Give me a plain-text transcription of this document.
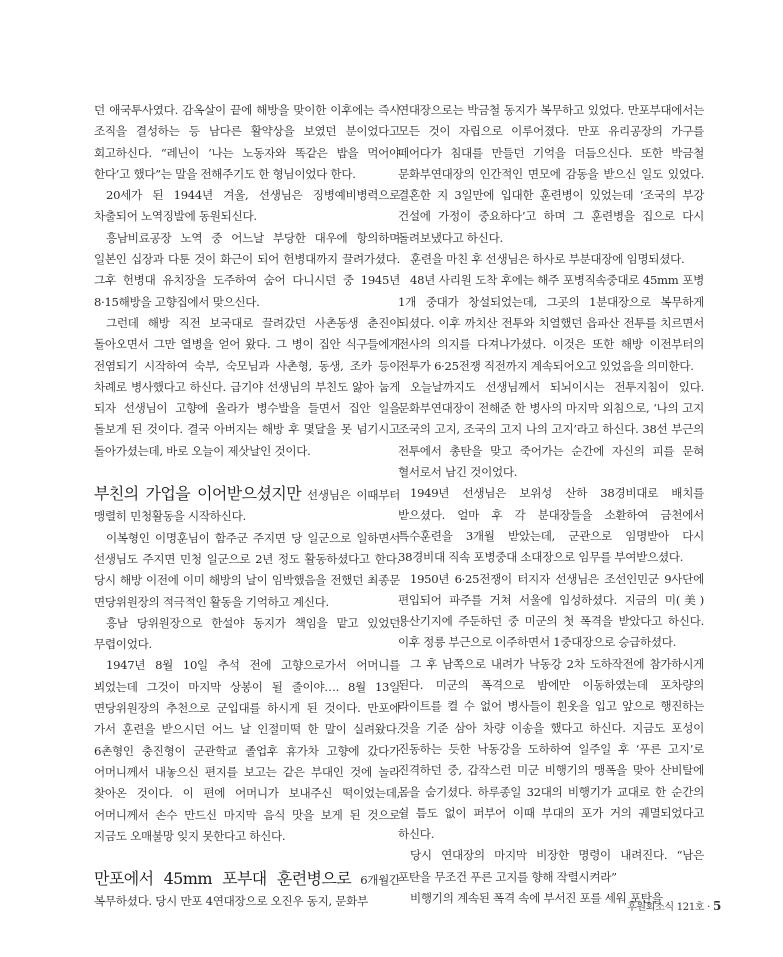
던 애국투사였다. 감옥살이 끝에 해방을 맞이한 이후에는 즉시 조직을 결성하는 등 남다른 활약상을 보였던 분이었다고 회고하신다. “레닌이 ‘나는 노동자와 똑같은 밥을 먹어야 한다’고 했다”는 말을 전해주기도 한 형님이었다 한다.

20세가 된 1944년 겨울, 선생님은 징병예비병력으로 차출되어 노역징발에 동원되신다.

흥남비료공장 노역 중 어느날 부당한 대우에 항의하며 일본인 십장과 다툰 것이 화근이 되어 헌병대까지 끌려가셨다. 그후 헌병대 유치장을 도주하여 숨어 다니시던 중 1945년 8·15해방을 고향집에서 맞으신다.

그런데 해방 직전 보국대로 끌려갔던 사촌동생 춘진이 돌아오면서 그만 열병을 얻어 왔다. 그 병이 집안 식구들에게 전염되기 시작하여 숙부, 숙모님과 사촌형, 동생, 조카 등이 차례로 병사했다고 하신다. 급기야 선생님의 부친도 앓아 눕게 되자 선생님이 고향에 올라가 병수발을 들면서 집안 일을 돌보게 된 것이다. 결국 아버지는 해방 후 몇달을 못 넘기시고 돌아가셨는데, 바로 오늘이 제삿날인 것이다.

부친의 가업을 이어받으셨지만 선생님은 이때부터 맹렬히 민청활동을 시작하신다.

이복형인 이명훈님이 함주군 주지면 당 일군으로 일하면서 선생님도 주지면 민청 일군으로 2년 정도 활동하셨다고 한다. 당시 해방 이전에 이미 해방의 날이 임박했음을 전했던 최종문 면당위원장의 적극적인 활동을 기억하고 계신다.

흥남 당위원장으로 한설야 동지가 책임을 맡고 있었던 무렵이었다.

1947년 8월 10일 추석 전에 고향으로가서 어머니를 뵈었는데 그것이 마지막 상봉이 될 줄이야…. 8월 13일 면당위원장의 추천으로 군입대를 하시게 된 것이다. 만포에 가서 훈련을 받으시던 어느 날 인절미떡 한 말이 실려왔다. 6촌형인 충진형이 군관학교 졸업후 휴가차 고향에 갔다가 어머니께서 내놓으신 편지를 보고는 같은 부대인 것에 놀라 찾아온 것이다. 이 편에 어머니가 보내주신 떡이었는데, 어머니께서 손수 만드신 마지막 음식 맛을 보게 된 것으로 지금도 오매불망 잊지 못한다고 하신다.

만포에서 45mm 포부대 훈련병으로 6개월간 복무하셨다. 당시 만포 4연대장으로 오진우 동지, 문화부

연대장으로는 박금철 동지가 복무하고 있었다. 만포부대에서는 모든 것이 자립으로 이루어졌다. 만포 유리공장의 가구를 떼어다가 침대를 만들던 기억을 더듬으신다. 또한 박금철 문화부연대장의 인간적인 면모에 감동을 받으신 일도 있었다. 결혼한 지 3일만에 입대한 훈련병이 있었는데 ‘조국의 부강 건설에 가정이 중요하다’고 하며 그 훈련병을 집으로 다시 돌려보냈다고 하신다.

훈련을 마친 후 선생님은 하사로 부분대장에 임명되셨다.

48년 사리원 도착 후에는 해주 포병직속중대로 45mm 포병 1개 중대가 창설되었는데, 그곳의 1분대장으로 복무하게 되셨다. 이후 까치산 전투와 치열했던 읍파산 전투를 치르면서 전사의 의지를 다져나가셨다. 이것은 또한 해방 이전부터의 전투가 6·25전쟁 직전까지 계속되어오고 있었음을 의미한다.

오늘날까지도 선생님께서 되뇌이시는 전투지침이 있다. 문화부연대장이 전해준 한 병사의 마지막 외침으로, ‘나의 고지 조국의 고지, 조국의 고지 나의 고지’라고 하신다. 38선 부근의 전투에서 총탄을 맞고 죽어가는 순간에 자신의 피를 문혀 혈서로서 남긴 것이었다.

1949년 선생님은 보위성 산하 38경비대로 배치를 받으셨다. 얼마 후 각 분대장들을 소환하여 금천에서 특수훈련을 3개월 받았는데, 군관으로 임명받아 다시 38경비대 직속 포병중대 소대장으로 임무를 부여받으셨다.

1950년 6·25전쟁이 터지자 선생님은 조선인민군 9사단에 편입되어 파주를 거쳐 서울에 입성하셨다. 지금의 미(美)용산기지에 주둔하던 중 미군의 첫 폭격을 받았다고 하신다. 이후 정릉 부근으로 이주하면서 1중대장으로 승급하셨다.

그 후 남쪽으로 내려가 낙동강 2차 도하작전에 참가하시게 된다. 미군의 폭격으로 밤에만 이동하였는데 포차량의 라이트를 켤 수 없어 병사들이 흰옷을 입고 앞으로 행진하는 것을 기준 삼아 차량 이송을 했다고 하신다. 지금도 포성이 진동하는 듯한 낙동강을 도하하여 일주일 후 ‘푸른 고지’로 진격하던 중, 갑작스런 미군 비행기의 맹폭을 맞아 산비탈에 몸을 숨기셨다. 하루종일 32대의 비행기가 교대로 한 순간의 쉴 틈도 없이 퍼부어 이때 부대의 포가 거의 궤멸되었다고 하신다.

당시 연대장의 마지막 비장한 명령이 내려진다. “남은 포탄을 무조건 푸른 고지를 향해 작렬시켜라”

비행기의 계속된 폭격 속에 부서진 포를 세워 포탄을

후원회소식 121호 · 5
